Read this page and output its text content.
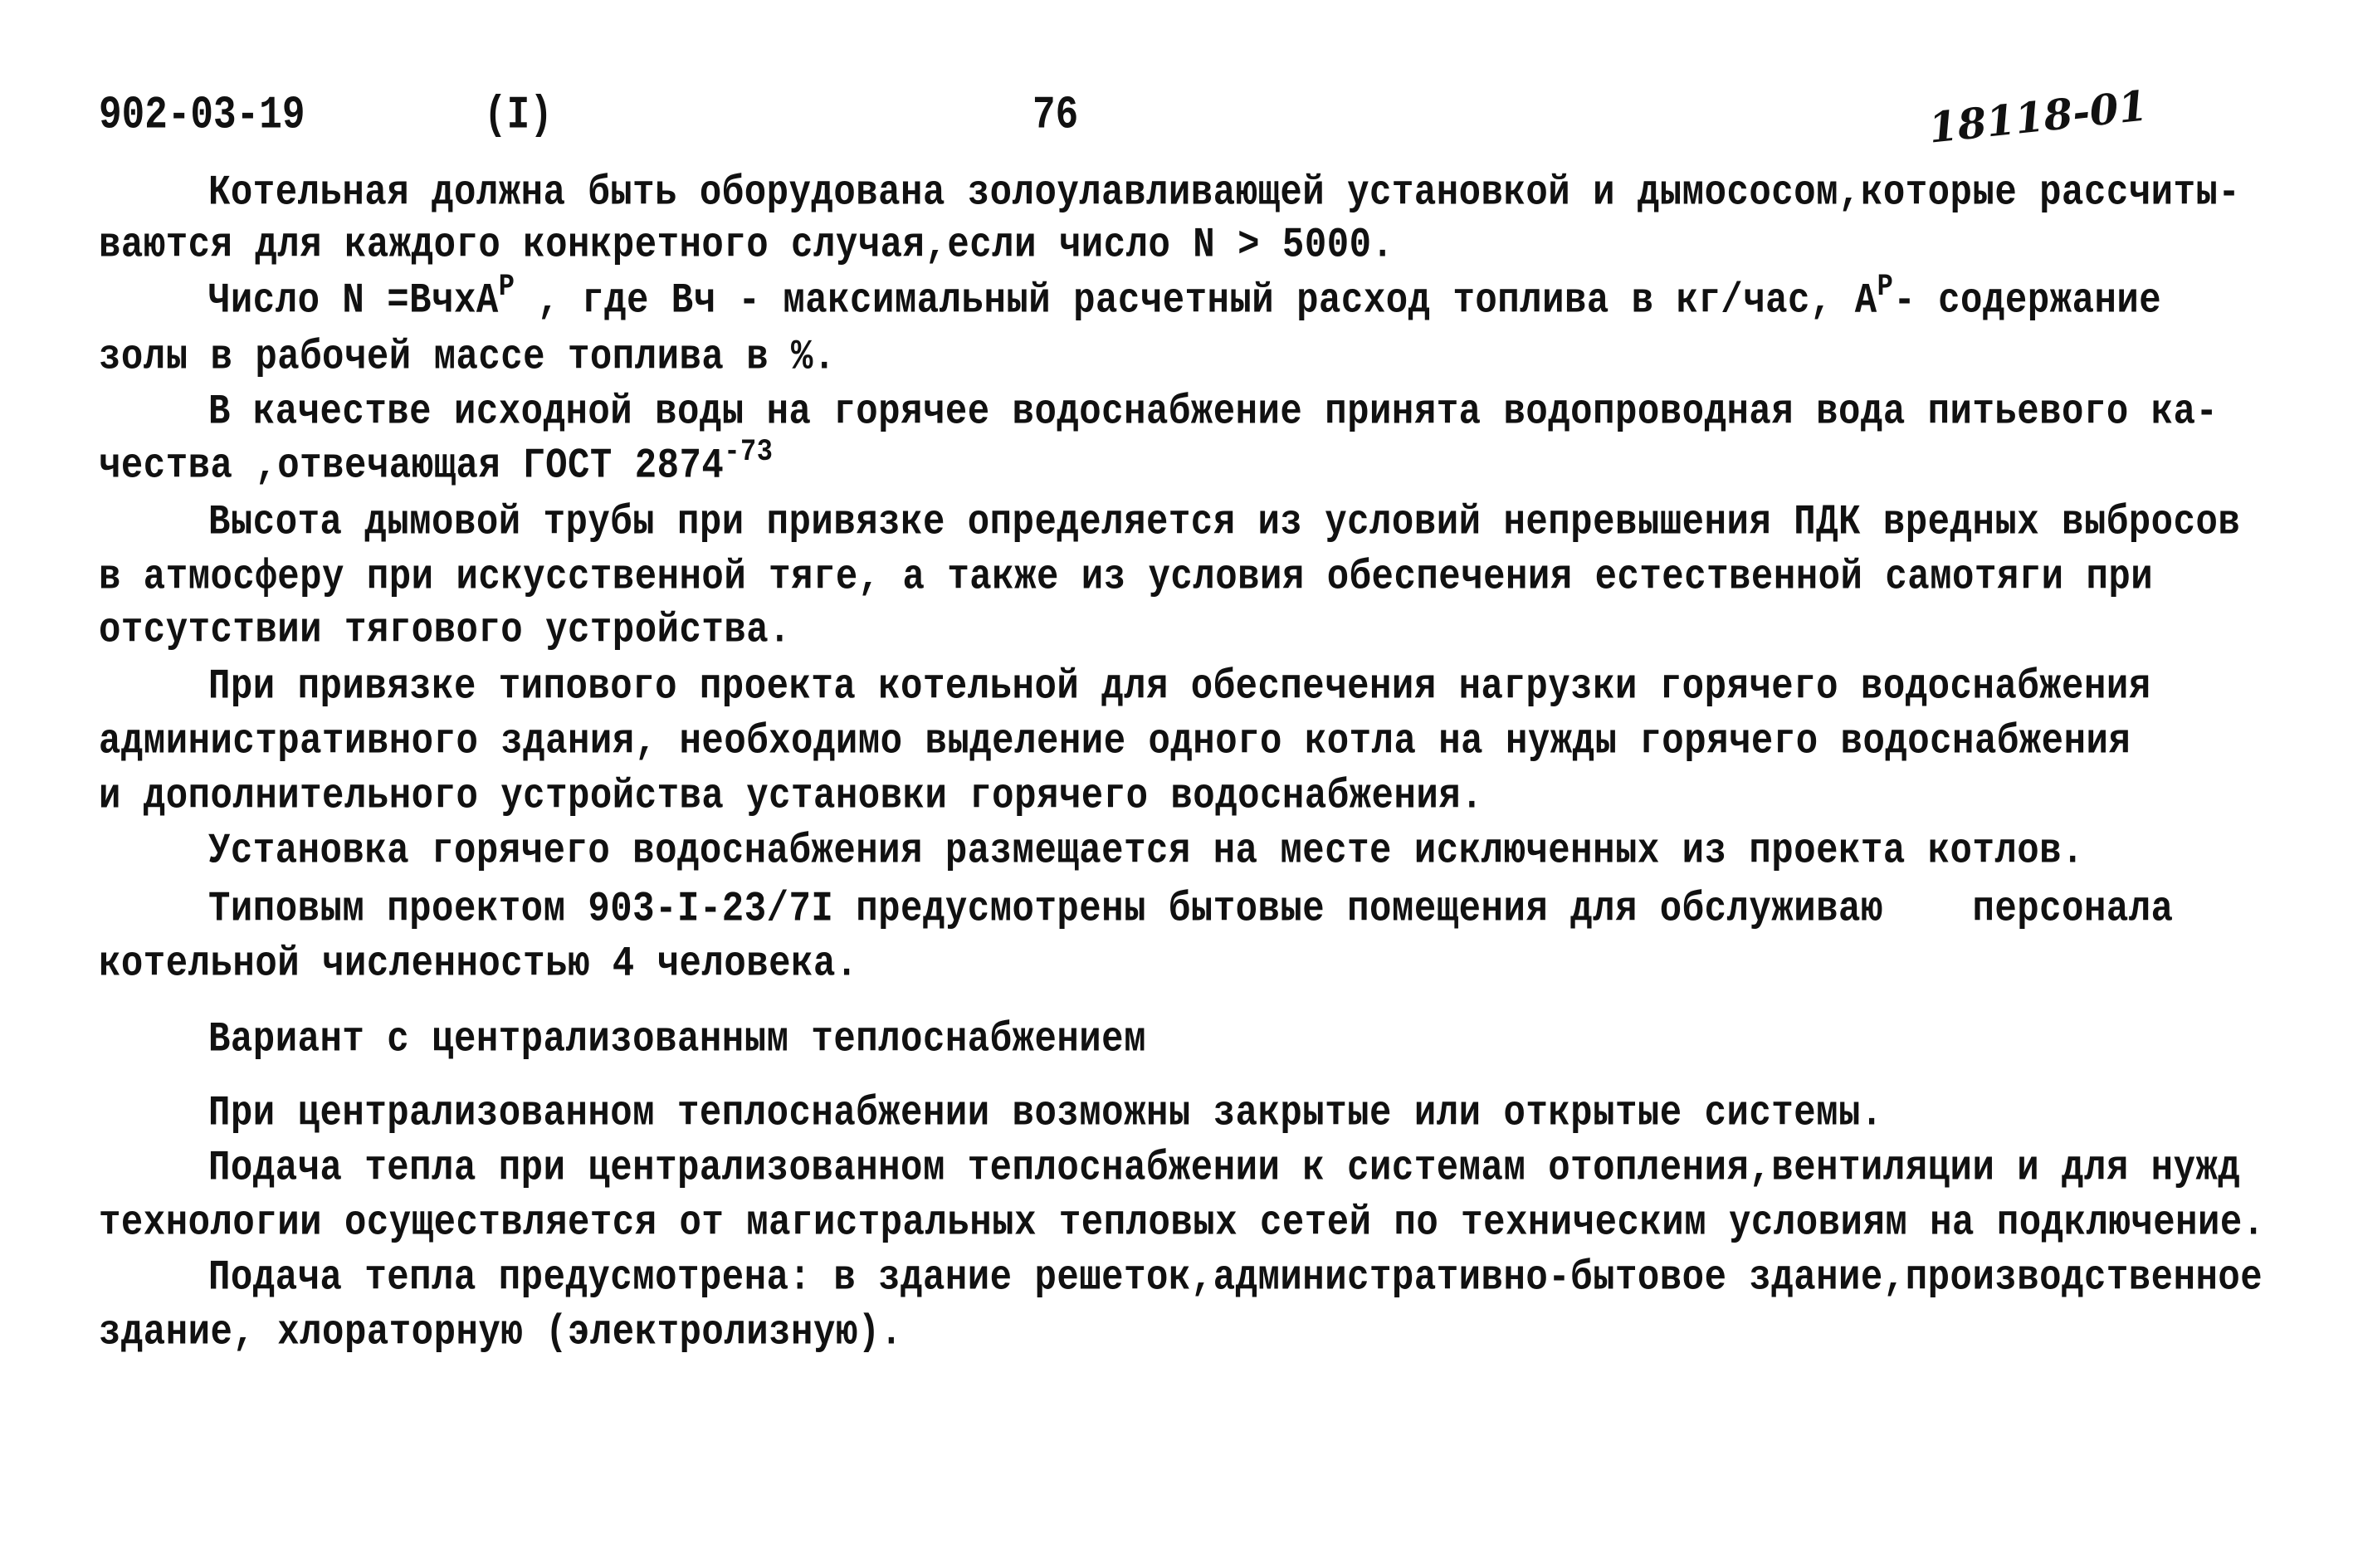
902-03-19	(I)	76	18118-01
Котельная должна быть оборудована золоулавливающей установкой и дымососом,которые рассчиты-
ваются для каждого конкретного случая,если число N > 5000.
Число N =BчxA$^P$ , где Вч - максимальный расчетный расход топлива в кг/час, $A^P-$ содержание
золы в рабочей массе топлива в %.
В качестве исходной воды на горячее водоснабжение принята водопроводная вода питьевого ка-
чества ,отвечающая ГОСТ $2874^{-73}$
Высота дымовой трубы при привязке определяется из условий непревышения ПДК вредных выбросов
в атмосферу при искусственной тяге, а также из условия обеспечения естественной самотяги при
отсутствии тягового устройства.
При привязке типового проекта котельной для обеспечения нагрузки горячего водоснабжения
административного здания, необходимо выделение одного котла на нужды горячего водоснабжения
и дополнительного устройства установки горячего водоснабжения.
Установка горячего водоснабжения размещается на месте исключенных из проекта котлов.
Типовым проектом 903-I-23/7I предусмотрены бытовые помещения для обслуживаю    персонала
котельной численностью 4 человека.
Вариант с централизованным теплоснабжением
При централизованном теплоснабжении возможны закрытые или открытые системы.
Подача тепла при централизованном теплоснабжении к системам отопления,вентиляции и для нужд
технологии осуществляется от магистральных тепловых сетей по техническим условиям на подключение.
Подача тепла предусмотрена: в здание решеток,административно-бытовое здание,производственное
здание, хлораторную (электролизную).
